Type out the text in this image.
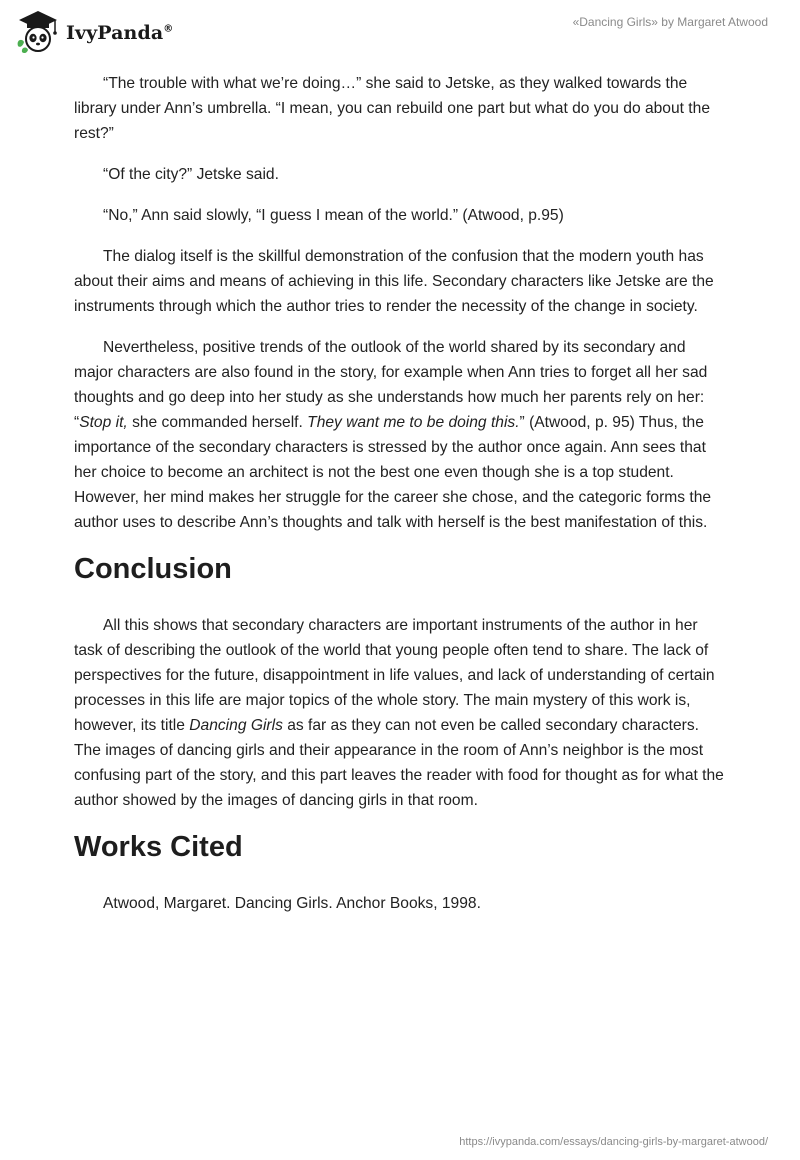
IvyPanda®
«Dancing Girls» by Margaret Atwood

“The trouble with what we’re doing…” she said to Jetske, as they walked towards the library under Ann’s umbrella. “I mean, you can rebuild one part but what do you do about the rest?”

“Of the city?” Jetske said.

“No,” Ann said slowly, “I guess I mean of the world.” (Atwood, p.95)

The dialog itself is the skillful demonstration of the confusion that the modern youth has about their aims and means of achieving in this life. Secondary characters like Jetske are the instruments through which the author tries to render the necessity of the change in society.

Nevertheless, positive trends of the outlook of the world shared by its secondary and major characters are also found in the story, for example when Ann tries to forget all her sad thoughts and go deep into her study as she understands how much her parents rely on her: “Stop it, she commanded herself. They want me to be doing this.” (Atwood, p. 95) Thus, the importance of the secondary characters is stressed by the author once again. Ann sees that her choice to become an architect is not the best one even though she is a top student. However, her mind makes her struggle for the career she chose, and the categoric forms the author uses to describe Ann’s thoughts and talk with herself is the best manifestation of this.

Conclusion

All this shows that secondary characters are important instruments of the author in her task of describing the outlook of the world that young people often tend to share. The lack of perspectives for the future, disappointment in life values, and lack of understanding of certain processes in this life are major topics of the whole story. The main mystery of this work is, however, its title Dancing Girls as far as they can not even be called secondary characters. The images of dancing girls and their appearance in the room of Ann’s neighbor is the most confusing part of the story, and this part leaves the reader with food for thought as for what the author showed by the images of dancing girls in that room.

Works Cited

Atwood, Margaret. Dancing Girls. Anchor Books, 1998.

https://ivypanda.com/essays/dancing-girls-by-margaret-atwood/
